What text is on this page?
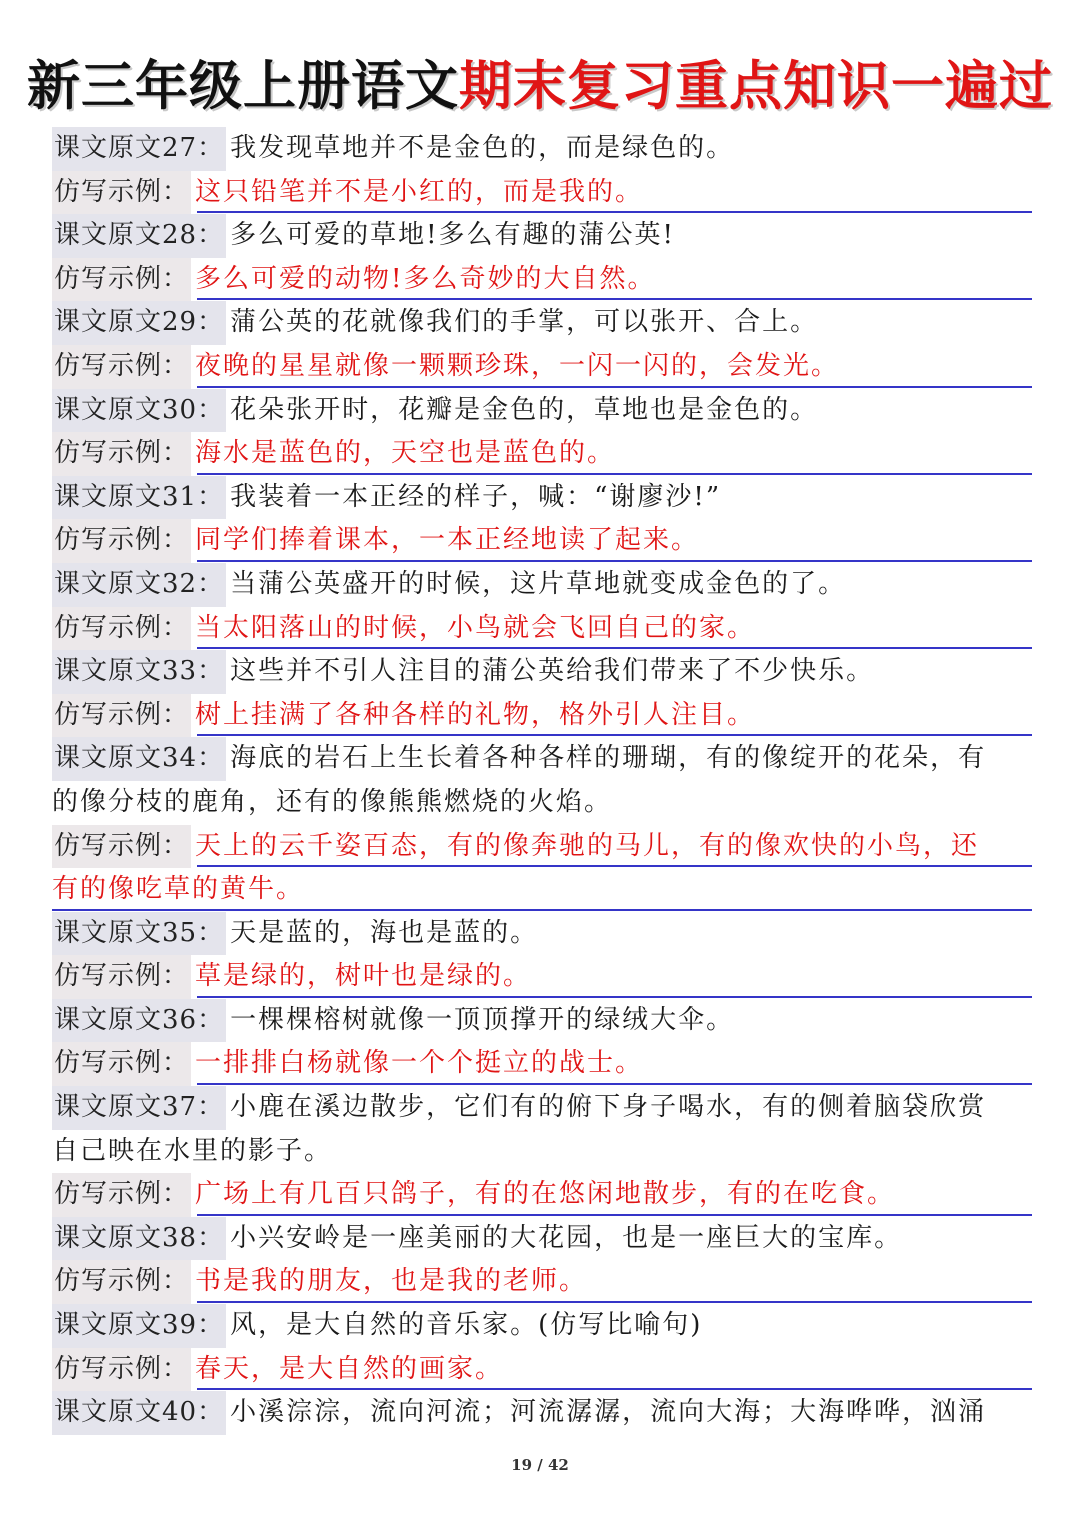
新三年级上册语文期末复习重点知识一遍过
课文原文27： 我发现草地并不是金色的，而是绿色的。
仿写示例： 这只铅笔并不是小红的，而是我的。
课文原文28： 多么可爱的草地!多么有趣的蒲公英!
仿写示例： 多么可爱的动物!多么奇妙的大自然。
课文原文29： 蒲公英的花就像我们的手掌，可以张开、合上。
仿写示例： 夜晚的星星就像一颗颗珍珠，一闪一闪的，会发光。
课文原文30： 花朵张开时，花瓣是金色的，草地也是金色的。
仿写示例： 海水是蓝色的，天空也是蓝色的。
课文原文31： 我装着一本正经的样子，喊：“谢廖沙!”
仿写示例： 同学们捧着课本，一本正经地读了起来。
课文原文32： 当蒲公英盛开的时候，这片草地就变成金色的了。
仿写示例： 当太阳落山的时候，小鸟就会飞回自己的家。
课文原文33： 这些并不引人注目的蒲公英给我们带来了不少快乐。
仿写示例： 树上挂满了各种各样的礼物，格外引人注目。
课文原文34： 海底的岩石上生长着各种各样的珊瑚，有的像绽开的花朵，有
的像分枝的鹿角，还有的像熊熊燃烧的火焰。
仿写示例： 天上的云千姿百态，有的像奔驰的马儿，有的像欢快的小鸟，还
有的像吃草的黄牛。
课文原文35： 天是蓝的，海也是蓝的。
仿写示例： 草是绿的，树叶也是绿的。
课文原文36： 一棵棵榕树就像一顶顶撑开的绿绒大伞。
仿写示例： 一排排白杨就像一个个挺立的战士。
课文原文37： 小鹿在溪边散步，它们有的俯下身子喝水，有的侧着脑袋欣赏
自己映在水里的影子。
仿写示例： 广场上有几百只鸽子，有的在悠闲地散步，有的在吃食。
课文原文38： 小兴安岭是一座美丽的大花园，也是一座巨大的宝库。
仿写示例： 书是我的朋友，也是我的老师。
课文原文39： 风，是大自然的音乐家。(仿写比喻句)
仿写示例： 春天，是大自然的画家。
课文原文40： 小溪淙淙，流向河流；河流潺潺，流向大海；大海哗哗，汹涌
19 / 42
